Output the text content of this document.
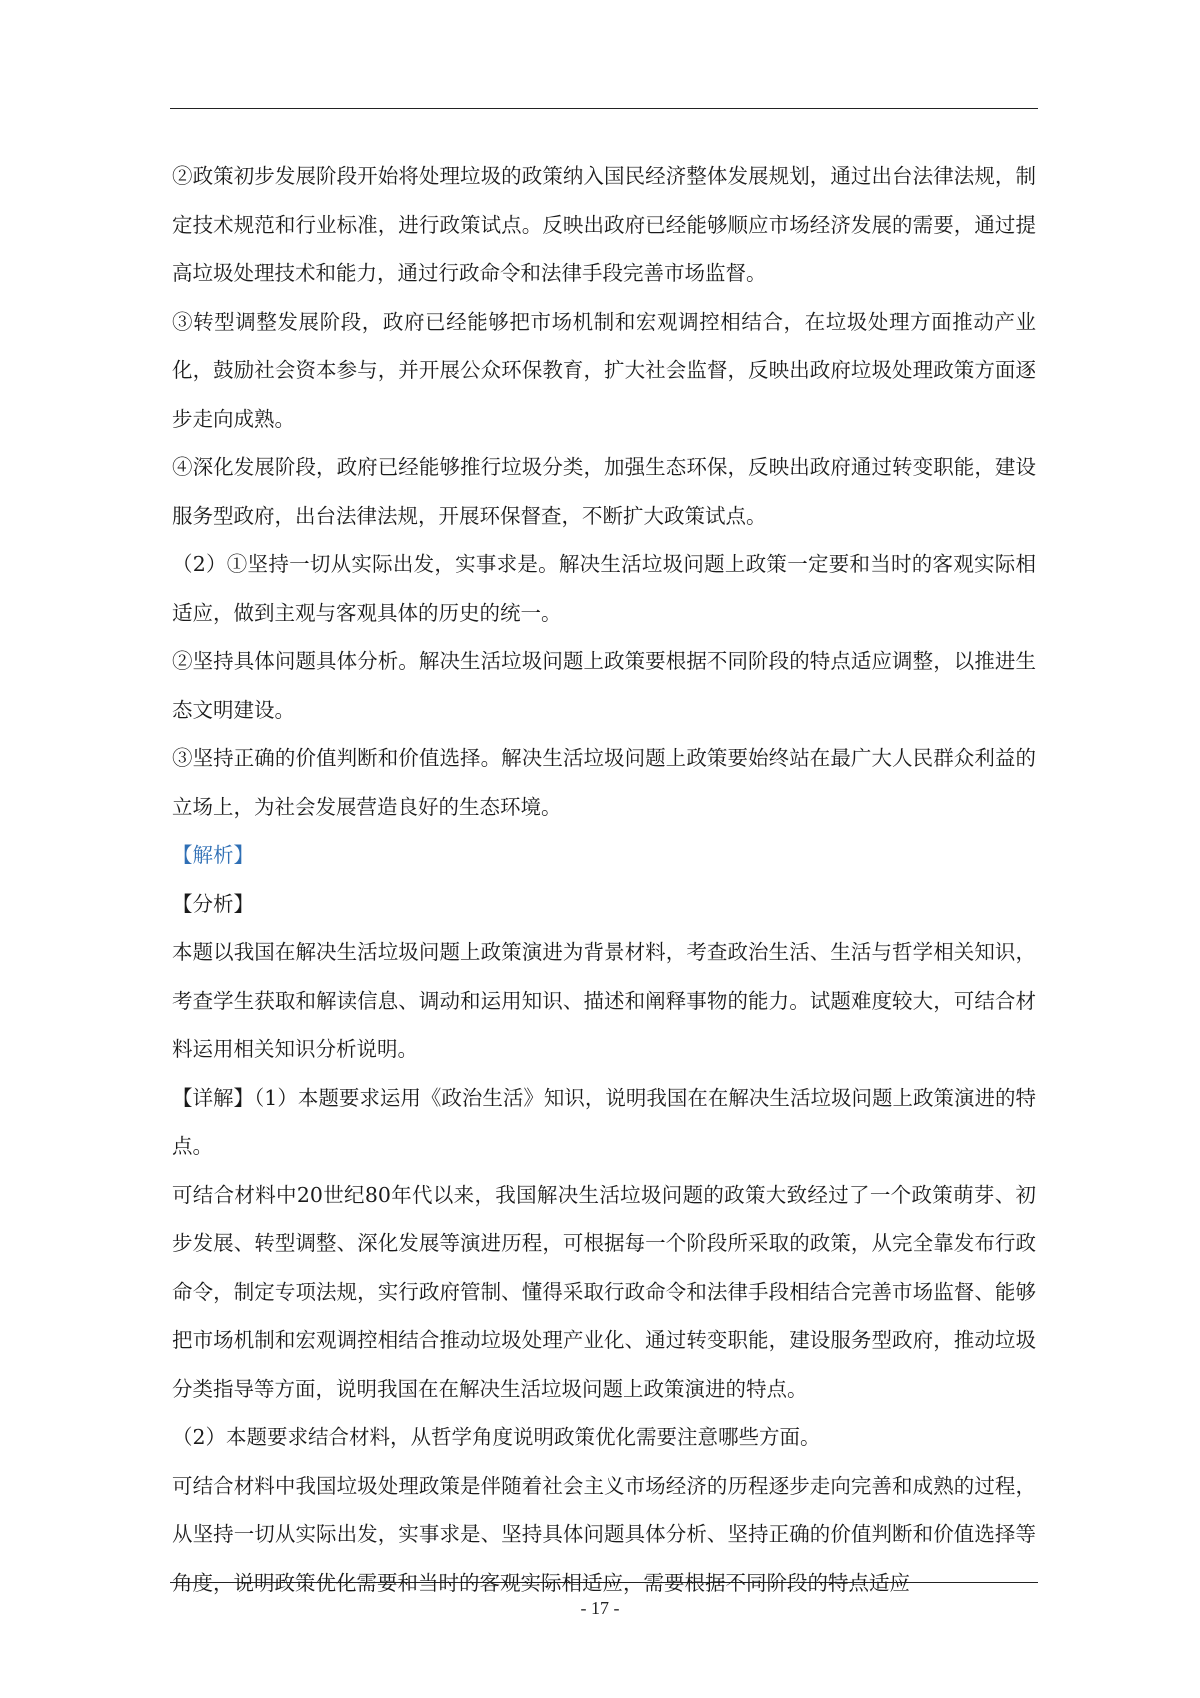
②政策初步发展阶段开始将处理垃圾的政策纳入国民经济整体发展规划，通过出台法律法规，制定技术规范和行业标准，进行政策试点。反映出政府已经能够顺应市场经济发展的需要，通过提高垃圾处理技术和能力，通过行政命令和法律手段完善市场监督。

③转型调整发展阶段，政府已经能够把市场机制和宏观调控相结合，在垃圾处理方面推动产业化，鼓励社会资本参与，并开展公众环保教育，扩大社会监督，反映出政府垃圾处理政策方面逐步走向成熟。

④深化发展阶段，政府已经能够推行垃圾分类，加强生态环保，反映出政府通过转变职能，建设服务型政府，出台法律法规，开展环保督查，不断扩大政策试点。

（2）①坚持一切从实际出发，实事求是。解决生活垃圾问题上政策一定要和当时的客观实际相适应，做到主观与客观具体的历史的统一。

②坚持具体问题具体分析。解决生活垃圾问题上政策要根据不同阶段的特点适应调整，以推进生态文明建设。

③坚持正确的价值判断和价值选择。解决生活垃圾问题上政策要始终站在最广大人民群众利益的立场上，为社会发展营造良好的生态环境。

【解析】

【分析】

本题以我国在解决生活垃圾问题上政策演进为背景材料，考查政治生活、生活与哲学相关知识，考查学生获取和解读信息、调动和运用知识、描述和阐释事物的能力。试题难度较大，可结合材料运用相关知识分析说明。

【详解】（1）本题要求运用《政治生活》知识，说明我国在在解决生活垃圾问题上政策演进的特点。

可结合材料中20世纪80年代以来，我国解决生活垃圾问题的政策大致经过了一个政策萌芽、初步发展、转型调整、深化发展等演进历程，可根据每一个阶段所采取的政策，从完全靠发布行政命令，制定专项法规，实行政府管制、懂得采取行政命令和法律手段相结合完善市场监督、能够把市场机制和宏观调控相结合推动垃圾处理产业化、通过转变职能，建设服务型政府，推动垃圾分类指导等方面，说明我国在在解决生活垃圾问题上政策演进的特点。

（2）本题要求结合材料，从哲学角度说明政策优化需要注意哪些方面。

可结合材料中我国垃圾处理政策是伴随着社会主义市场经济的历程逐步走向完善和成熟的过程，从坚持一切从实际出发，实事求是、坚持具体问题具体分析、坚持正确的价值判断和价值选择等角度，说明政策优化需要和当时的客观实际相适应，需要根据不同阶段的特点适应

- 17 -
